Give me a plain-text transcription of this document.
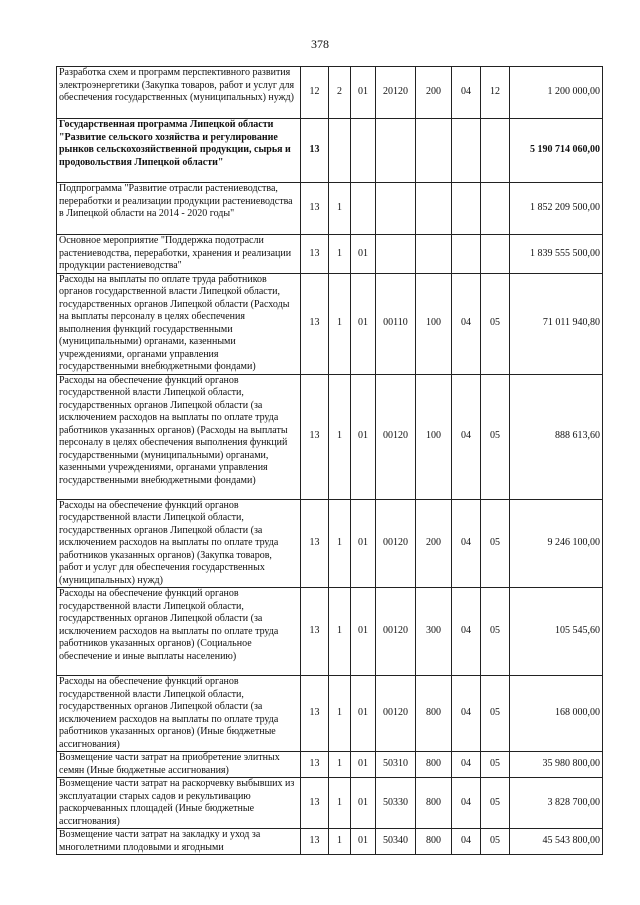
378
Разработка схем и программ перспективного развития электроэнергетики (Закупка товаров, работ и услуг для обеспечения государственных (муниципальных) нужд)	12	2	01	20120	200	04	12	1 200 000,00
Государственная программа Липецкой области "Развитие сельского хозяйства и регулирование рынков сельскохозяйственной продукции, сырья и продовольствия Липецкой области"	13							5 190 714 060,00
Подпрограмма "Развитие отрасли растениеводства, переработки и реализации продукции растениеводства в Липецкой области на 2014 - 2020 годы"	13	1						1 852 209 500,00
Основное мероприятие "Поддержка подотрасли растениеводства, переработки, хранения и реализации продукции растениеводства"	13	1	01					1 839 555 500,00
Расходы на выплаты по оплате труда работников органов государственной власти Липецкой области, государственных органов Липецкой области (Расходы на выплаты персоналу в целях обеспечения выполнения функций государственными (муниципальными) органами, казенными учреждениями, органами управления государственными внебюджетными фондами)	13	1	01	00110	100	04	05	71 011 940,80
Расходы на обеспечение функций органов государственной власти Липецкой области, государственных органов Липецкой области (за исключением расходов на выплаты по оплате труда работников указанных органов) (Расходы на выплаты персоналу в целях обеспечения выполнения функций государственными (муниципальными) органами, казенными учреждениями, органами управления государственными внебюджетными фондами)	13	1	01	00120	100	04	05	888 613,60
Расходы на обеспечение функций органов государственной власти Липецкой области, государственных органов Липецкой области (за исключением расходов на выплаты по оплате труда работников указанных органов) (Закупка товаров, работ и услуг для обеспечения государственных (муниципальных) нужд)	13	1	01	00120	200	04	05	9 246 100,00
Расходы на обеспечение функций органов государственной власти Липецкой области, государственных органов Липецкой области (за исключением расходов на выплаты по оплате труда работников указанных органов) (Социальное обеспечение и иные выплаты населению)	13	1	01	00120	300	04	05	105 545,60
Расходы на обеспечение функций органов государственной власти Липецкой области, государственных органов Липецкой области (за исключением расходов на выплаты по оплате труда работников указанных органов) (Иные бюджетные ассигнования)	13	1	01	00120	800	04	05	168 000,00
Возмещение части затрат на приобретение элитных семян (Иные бюджетные ассигнования)	13	1	01	50310	800	04	05	35 980 800,00
Возмещение части затрат на раскорчевку выбывших из эксплуатации старых садов и рекультивацию раскорчеванных площадей (Иные бюджетные ассигнования)	13	1	01	50330	800	04	05	3 828 700,00
Возмещение части затрат на закладку и уход за многолетними плодовыми и ягодными	13	1	01	50340	800	04	05	45 543 800,00
